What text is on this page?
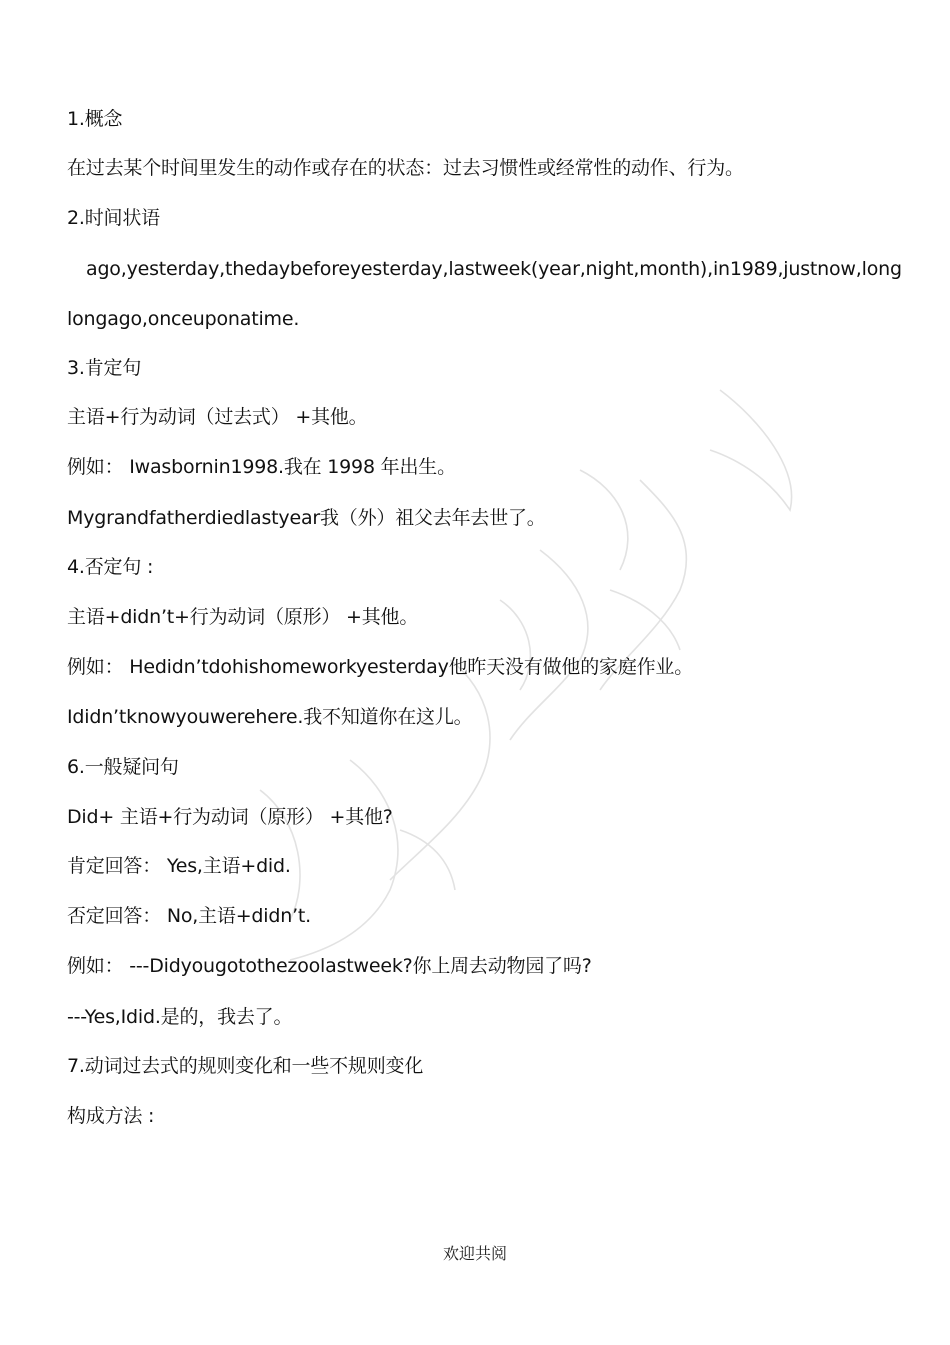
1.概念
在过去某个时间里发生的动作或存在的状态：过去习惯性或经常性的动作、行为。
2.时间状语
ago,yesterday,thedaybeforeyesterday,lastweek(year,night,month),in1989,justnow,long
longago,onceuponatime.
3.肯定句
主语+行为动词（过去式） +其他。
例如： Iwasbornin1998.我在 1998 年出生。
Mygrandfatherdiedlastyear我（外）祖父去年去世了。
4.否定句 :
主语+didn’t+行为动词（原形） +其他。
例如： Hedidn’tdohishomeworkyesterday他昨天没有做他的家庭作业。
Ididn’tknowyouwerehere.我不知道你在这儿。
6.一般疑问句
Did+ 主语+行为动词（原形） +其他?
肯定回答： Yes,主语+did.
否定回答： No,主语+didn’t.
例如： ---Didyougotothezoolastweek?你上周去动物园了吗?
---Yes,Idid.是的，我去了。
7.动词过去式的规则变化和一些不规则变化
构成方法 :
欢迎共阅
